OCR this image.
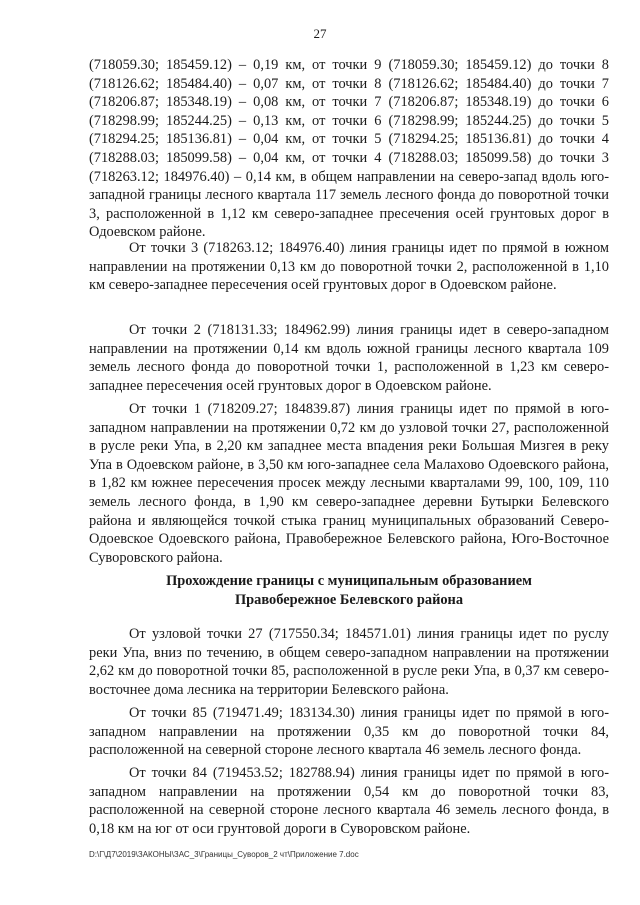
27

(718059.30; 185459.12) – 0,19 км, от точки 9 (718059.30; 185459.12) до точки 8 (718126.62; 185484.40) – 0,07 км, от точки 8 (718126.62; 185484.40) до точки 7 (718206.87; 185348.19) – 0,08 км, от точки 7 (718206.87; 185348.19) до точки 6 (718298.99; 185244.25) – 0,13 км, от точки 6 (718298.99; 185244.25) до точки 5 (718294.25; 185136.81) – 0,04 км, от точки 5 (718294.25; 185136.81) до точки 4 (718288.03; 185099.58) – 0,04 км, от точки 4 (718288.03; 185099.58) до точки 3 (718263.12; 184976.40) – 0,14 км, в общем направлении на северо-запад вдоль юго-западной границы лесного квартала 117 земель лесного фонда до поворотной точки 3, расположенной в 1,12 км северо-западнее пресечения осей грунтовых дорог в Одоевском районе.

От точки 3 (718263.12; 184976.40) линия границы идет по прямой в южном направлении на протяжении 0,13 км до поворотной точки 2, расположенной в 1,10 км северо-западнее пересечения осей грунтовых дорог в Одоевском районе.

От точки 2 (718131.33; 184962.99) линия границы идет в северо-западном направлении на протяжении 0,14 км вдоль южной границы лесного квартала 109 земель лесного фонда до поворотной точки 1, расположенной в 1,23 км северо-западнее пересечения осей грунтовых дорог в Одоевском районе.

От точки 1 (718209.27; 184839.87) линия границы идет по прямой в юго-западном направлении на протяжении 0,72 км до узловой точки 27, расположенной в русле реки Упа, в 2,20 км западнее места впадения реки Большая Мизгея в реку Упа в Одоевском районе, в 3,50 км юго-западнее села Малахово Одоевского района, в 1,82 км южнее пересечения просек между лесными кварталами 99, 100, 109, 110 земель лесного фонда, в 1,90 км северо-западнее деревни Бутырки Белевского района и являющейся точкой стыка границ муниципальных образований Северо-Одоевское Одоевского района, Правобережное Белевского района, Юго-Восточное Суворовского района.

Прохождение границы с муниципальным образованием
Правобережное Белевского района

От узловой точки 27 (717550.34; 184571.01) линия границы идет по руслу реки Упа, вниз по течению, в общем северо-западном направлении на протяжении 2,62 км до поворотной точки 85, расположенной в русле реки Упа, в 0,37 км северо-восточнее дома лесника на территории Белевского района.

От точки 85 (719471.49; 183134.30) линия границы идет по прямой в юго-западном направлении на протяжении 0,35 км до поворотной точки 84, расположенной на северной стороне лесного квартала 46 земель лесного фонда.

От точки 84 (719453.52; 182788.94) линия границы идет по прямой в юго-западном направлении на протяжении 0,54 км до поворотной точки 83, расположенной на северной стороне лесного квартала 46 земель лесного фонда, в 0,18 км на юг от оси грунтовой дороги в Суворовском районе.

D:\Г\Д7\2019\ЗАКОНЫ\ЗАС_3\Границы_Суворов_2 чт\Приложение 7.doc
